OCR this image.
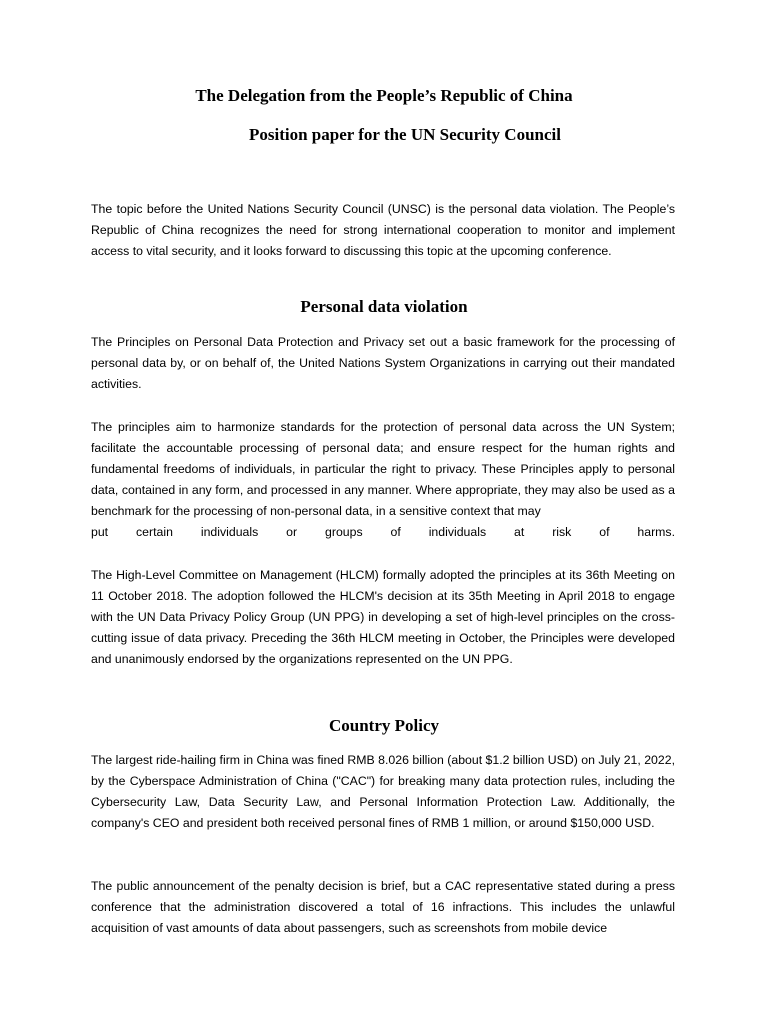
The Delegation from the People’s Republic of China
Position paper for the UN Security Council

The topic before the United Nations Security Council (UNSC) is the personal data violation. The People’s Republic of China recognizes the need for strong international cooperation to monitor and implement access to vital security, and it looks forward to discussing this topic at the upcoming conference.

Personal data violation

The Principles on Personal Data Protection and Privacy set out a basic framework for the processing of personal data by, or on behalf of, the United Nations System Organizations in carrying out their mandated activities.

The principles aim to harmonize standards for the protection of personal data across the UN System; facilitate the accountable processing of personal data; and ensure respect for the human rights and fundamental freedoms of individuals, in particular the right to privacy. These Principles apply to personal data, contained in any form, and processed in any manner. Where appropriate, they may also be used as a benchmark for the processing of non-personal data, in a sensitive context that may
put certain individuals or groups of individuals at risk of harms.

The High-Level Committee on Management (HLCM) formally adopted the principles at its 36th Meeting on 11 October 2018. The adoption followed the HLCM's decision at its 35th Meeting in April 2018 to engage with the UN Data Privacy Policy Group (UN PPG) in developing a set of high-level principles on the cross-cutting issue of data privacy. Preceding the 36th HLCM meeting in October, the Principles were developed and unanimously endorsed by the organizations represented on the UN PPG.

Country Policy

The largest ride-hailing firm in China was fined RMB 8.026 billion (about $1.2 billion USD) on July 21, 2022, by the Cyberspace Administration of China ("CAC") for breaking many data protection rules, including the Cybersecurity Law, Data Security Law, and Personal Information Protection Law. Additionally, the company's CEO and president both received personal fines of RMB 1 million, or around $150,000 USD.

The public announcement of the penalty decision is brief, but a CAC representative stated during a press conference that the administration discovered a total of 16 infractions. This includes the unlawful acquisition of vast amounts of data about passengers, such as screenshots from mobile device
